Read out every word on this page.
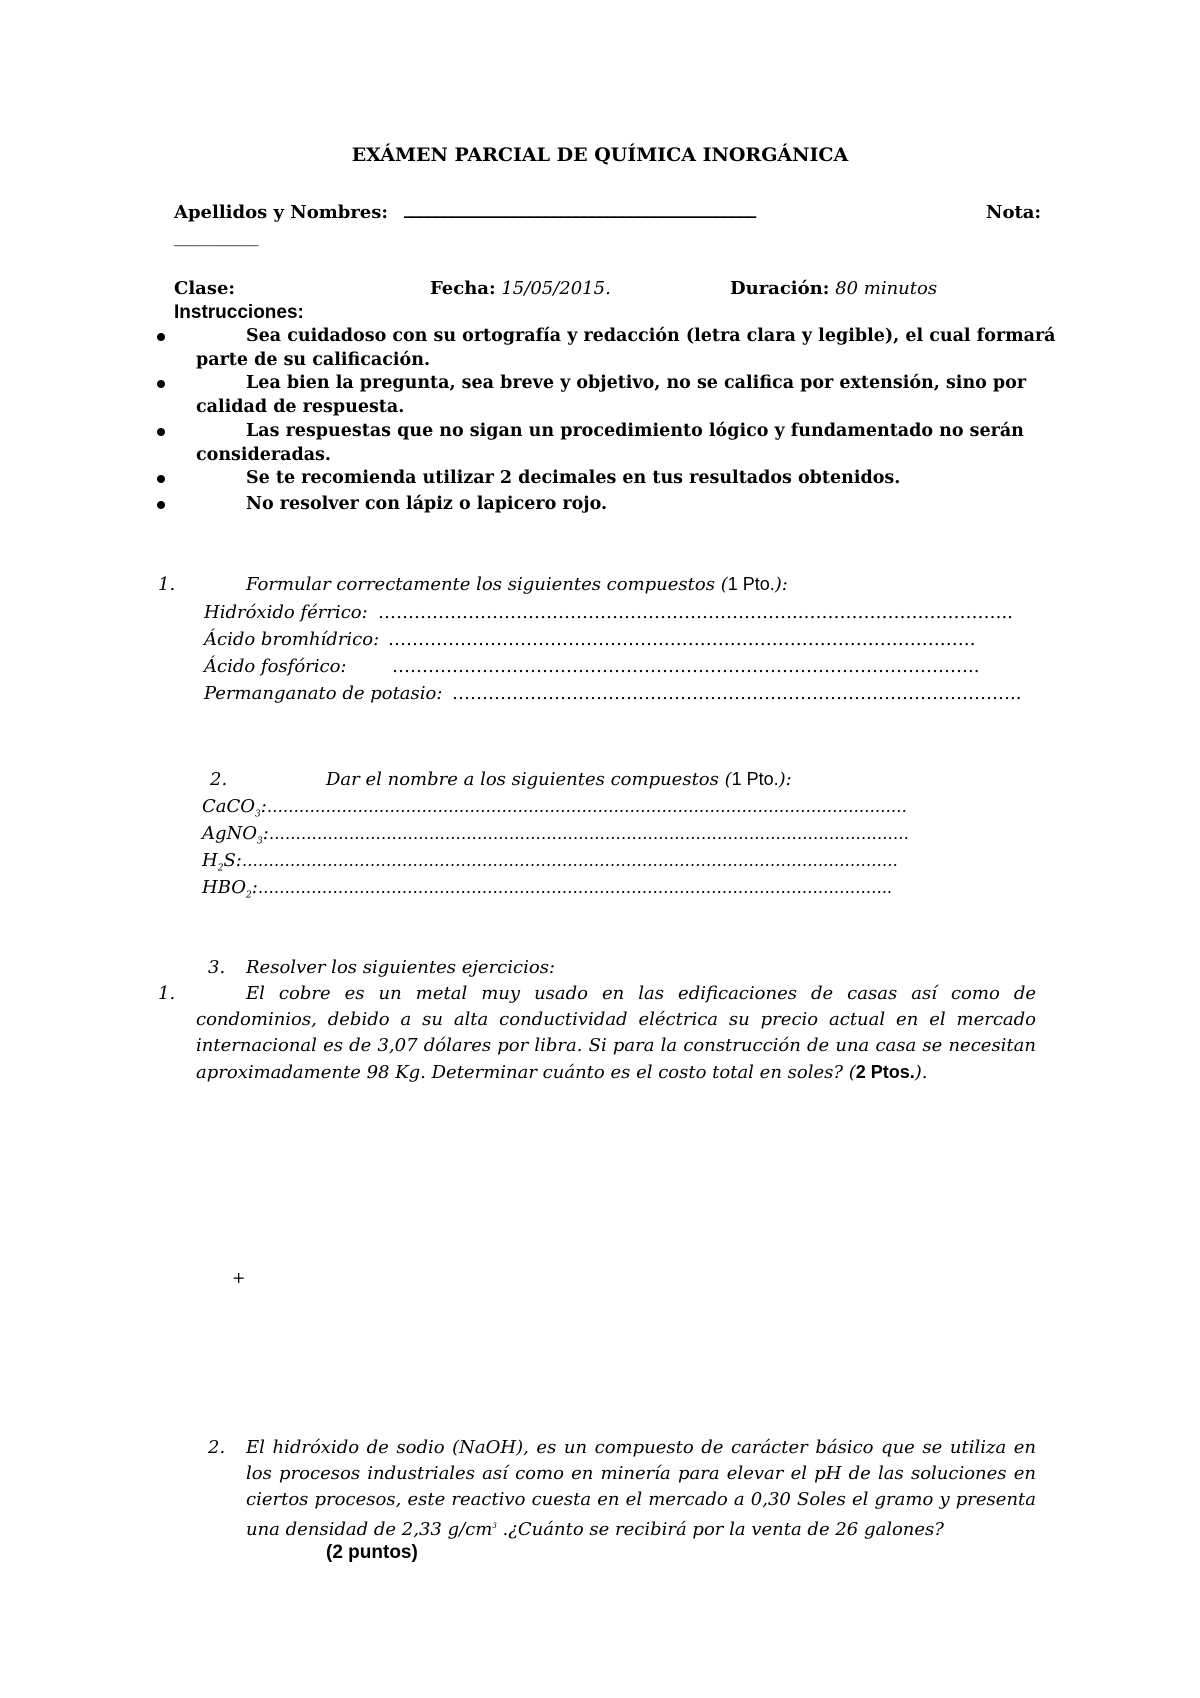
EXÁMEN PARCIAL DE QUÍMICA INORGÁNICA
Apellidos y Nombres: _____________________________________________	Nota:
__________
Clase:	Fecha: 15/05/2015.	Duración: 80 minutos
Instrucciones:
Sea cuidadoso con su ortografía y redacción (letra clara y legible), el cual formará
parte de su calificación.
Lea bien la pregunta, sea breve y objetivo, no se califica por extensión, sino por
calidad de respuesta.
Las respuestas que no sigan un procedimiento lógico y fundamentado no serán
consideradas.
Se te recomienda utilizar 2 decimales en tus resultados obtenidos.
No resolver con lápiz o lapicero rojo.
1.	Formular correctamente los siguientes compuestos (1 Pto.):
Hidróxido férrico: ……………………………………………………………..……………………………..
Ácido bromhídrico: ……………………………………….…………………………………………….
Ácido fosfórico:	……………………………………………………………………………………..
Permanganato de potasio: …………………………………………………………………………………..
2.	Dar el nombre a los siguientes compuestos (1 Pto.):
CaCO$_3$:…………………………………………………………………………………………………………
AgNO$_3$:…………………………………………………………………………………………………………
$H_2S:\dots\dots\dots\dots\dots\dots\dots\dots\dots\dots\dots\dots\dots\dots\dots\dots\dots\dots\dots\dots\dots\dots\dots\dots\dots\dots\dots\dots\dots\dots\dots\dots\dots\dots\dots\dots\dots\dots\dots\dots\dots$
$HBO_2:\dots\dots\dots\dots\dots\dots\dots\dots\dots\dots\dots\dots\dots\dots\dots\dots\dots\dots\dots\dots\dots\dots\dots\dots\dots\dots\dots\dots\dots\dots\dots\dots\dots\dots\dots\dots\dots\dots\dots$..
3. Resolver los siguientes ejercicios:
1.	El cobre es un metal muy usado en las edificaciones de casas así como de condominios, debido a su alta conductividad eléctrica su precio actual en el mercado internacional es de 3,07 dólares por libra. Si para la construcción de una casa se necesitan aproximadamente 98 Kg. Determinar cuánto es el costo total en soles? (2 Ptos.).
+
2. El hidróxido de sodio (NaOH), es un compuesto de carácter básico que se utiliza en los procesos industriales así como en minería para elevar el pH de las soluciones en ciertos procesos, este reactivo cuesta en el mercado a 0,30 Soles el gramo y presenta una densidad de 2,33 $g/cm^3$ .¿Cuánto se recibirá por la venta de 26 galones?
(2 puntos)
